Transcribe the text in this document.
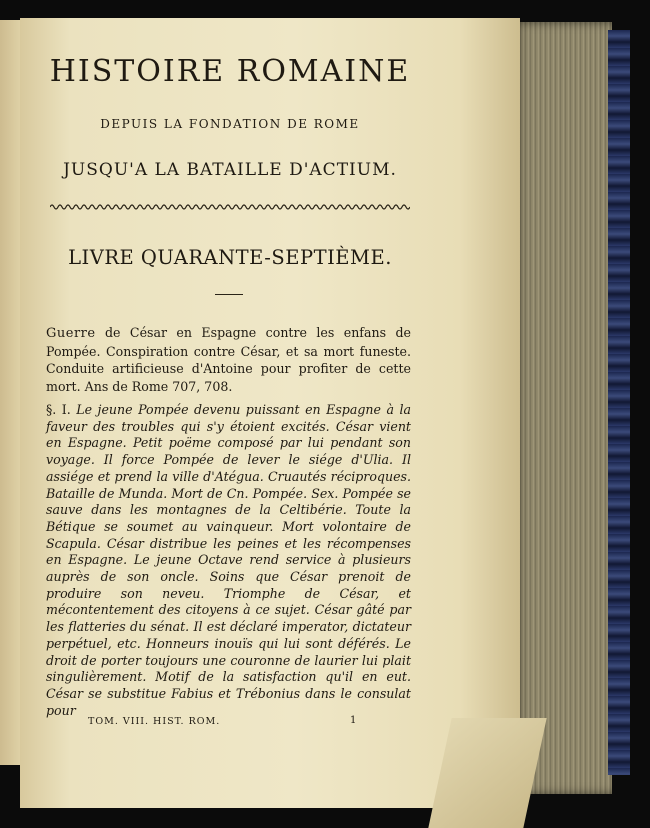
HISTOIRE ROMAINE
DEPUIS LA FONDATION DE ROME
JUSQU'A LA BATAILLE D'ACTIUM.
LIVRE QUARANTE-SEPTIÈME.

Guerre de César en Espagne contre les enfans de Pompée. Conspiration contre César, et sa mort funeste. Conduite artificieuse d'Antoine pour profiter de cette mort. Ans de Rome 707, 708.

§. I. Le jeune Pompée devenu puissant en Espagne à la faveur des troubles qui s'y étoient excités. César vient en Espagne. Petit poëme composé par lui pendant son voyage. Il force Pompée de lever le siége d'Ulia. Il assiége et prend la ville d'Atégua. Cruautés réciproques. Bataille de Munda. Mort de Cn. Pompée. Sex. Pompée se sauve dans les montagnes de la Celtibérie. Toute la Bétique se soumet au vainqueur. Mort volontaire de Scapula. César distribue les peines et les récompenses en Espagne. Le jeune Octave rend service à plusieurs auprès de son oncle. Soins que César prenoit de produire son neveu. Triomphe de César, et mécontentement des citoyens à ce sujet. César gâté par les flatteries du sénat. Il est déclaré imperator, dictateur perpétuel, etc. Honneurs inouïs qui lui sont déférés. Le droit de porter toujours une couronne de laurier lui plait singulièrement. Motif de la satisfaction qu'il en eut. César se substitue Fabius et Trébonius dans le consulat pour

TOM. VIII. HIST. ROM.	1
